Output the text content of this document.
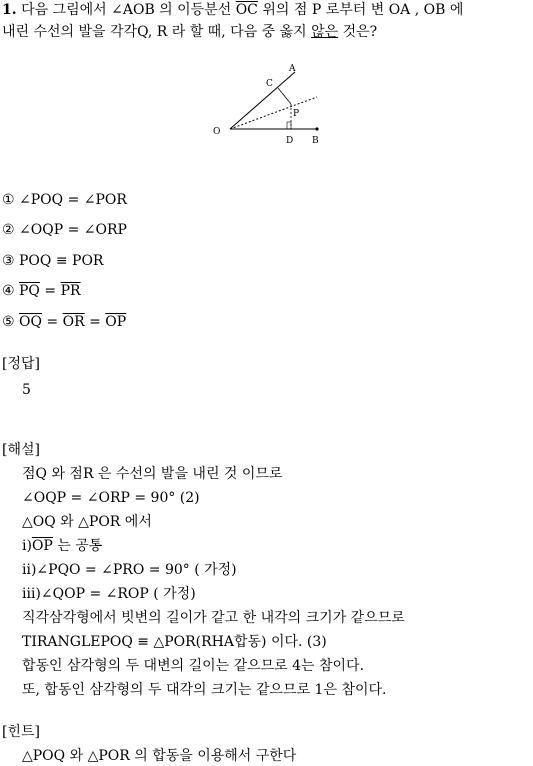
1. 다음 그림에서 ∠AOB 의 이등분선 $\overline{OC}$ 위의 점 P 로부터 변 OA , OB 에
내린 수선의 발을 각각Q, R 라 할 때, 다음 중 옳지 않은 것은?
A
C
P
O
D B
① ∠POQ = ∠POR
② ∠OQP = ∠ORP
③ POQ ≡ POR
④ $\overline{PQ} = \overline{PR}$
⑤ $\overline{OQ} = \overline{OR} = \overline{OP}$
[정답]
5
[해설]
점Q 와 점R 은 수선의 발을 내린 것 이므로
∠OQP = ∠ORP = 90° (2)
△OQ 와 △POR 에서
$ⅰ)\overline{OP}$ 는 공통
ⅱ)∠PQO = ∠PRO = 90° ( 가정)
ⅲ)∠QOP = ∠ROP ( 가정)
직각삼각형에서 빗변의 길이가 같고 한 내각의 크기가 같으므로
TIRANGLEPOQ ≡ △POR(RHA합동) 이다. (3)
합동인 삼각형의 두 대변의 길이는 같으므로 4는 참이다.
또, 합동인 삼각형의 두 대각의 크기는 같으므로 1은 참이다.
[힌트]
△POQ 와 △POR 의 합동을 이용해서 구한다
